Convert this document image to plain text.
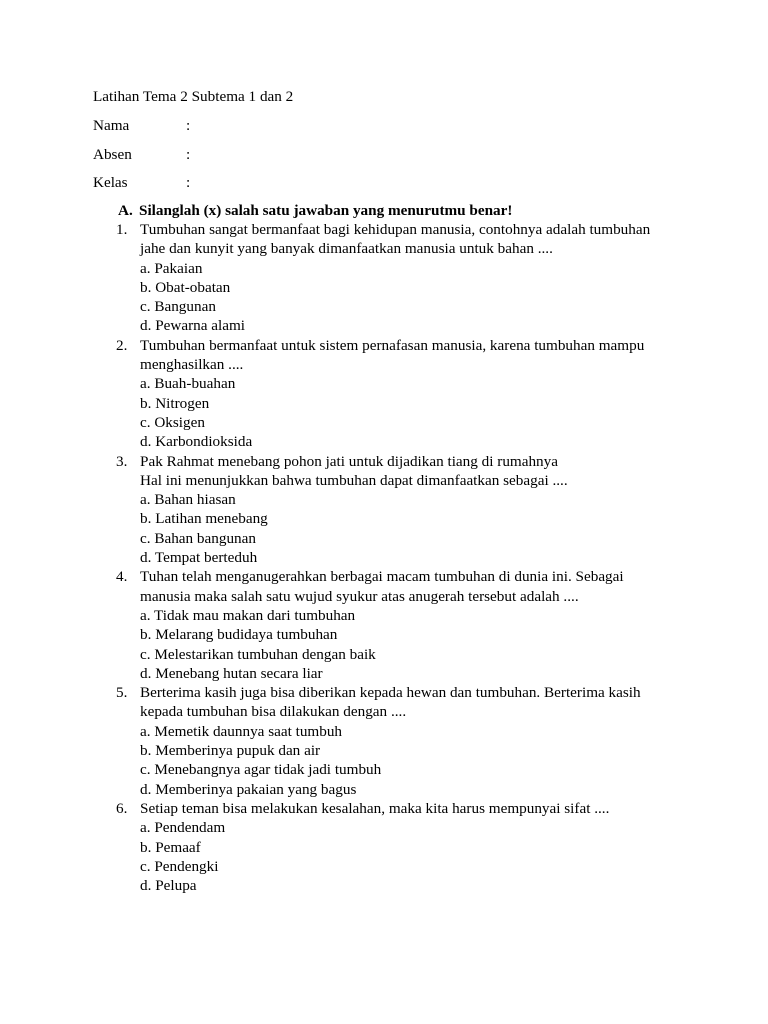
Latihan Tema 2 Subtema 1 dan 2
Nama	:
Absen	:
Kelas	:
A. Silanglah (x) salah satu jawaban yang menurutmu benar!
1. Tumbuhan sangat bermanfaat bagi kehidupan manusia, contohnya adalah tumbuhan
jahe dan kunyit yang banyak dimanfaatkan manusia untuk bahan ....
a. Pakaian
b. Obat-obatan
c. Bangunan
d. Pewarna alami
2. Tumbuhan bermanfaat untuk sistem pernafasan manusia, karena tumbuhan mampu
menghasilkan ....
a. Buah-buahan
b. Nitrogen
c. Oksigen
d. Karbondioksida
3. Pak Rahmat menebang pohon jati untuk dijadikan tiang di rumahnya
Hal ini menunjukkan bahwa tumbuhan dapat dimanfaatkan sebagai ....
a. Bahan hiasan
b. Latihan menebang
c. Bahan bangunan
d. Tempat berteduh
4. Tuhan telah menganugerahkan berbagai macam tumbuhan di dunia ini. Sebagai
manusia maka salah satu wujud syukur atas anugerah tersebut adalah ....
a. Tidak mau makan dari tumbuhan
b. Melarang budidaya tumbuhan
c. Melestarikan tumbuhan dengan baik
d. Menebang hutan secara liar
5. Berterima kasih juga bisa diberikan kepada hewan dan tumbuhan. Berterima kasih
kepada tumbuhan bisa dilakukan dengan ....
a. Memetik daunnya saat tumbuh
b. Memberinya pupuk dan air
c. Menebangnya agar tidak jadi tumbuh
d. Memberinya pakaian yang bagus
6. Setiap teman bisa melakukan kesalahan, maka kita harus mempunyai sifat ....
a. Pendendam
b. Pemaaf
c. Pendengki
d. Pelupa
